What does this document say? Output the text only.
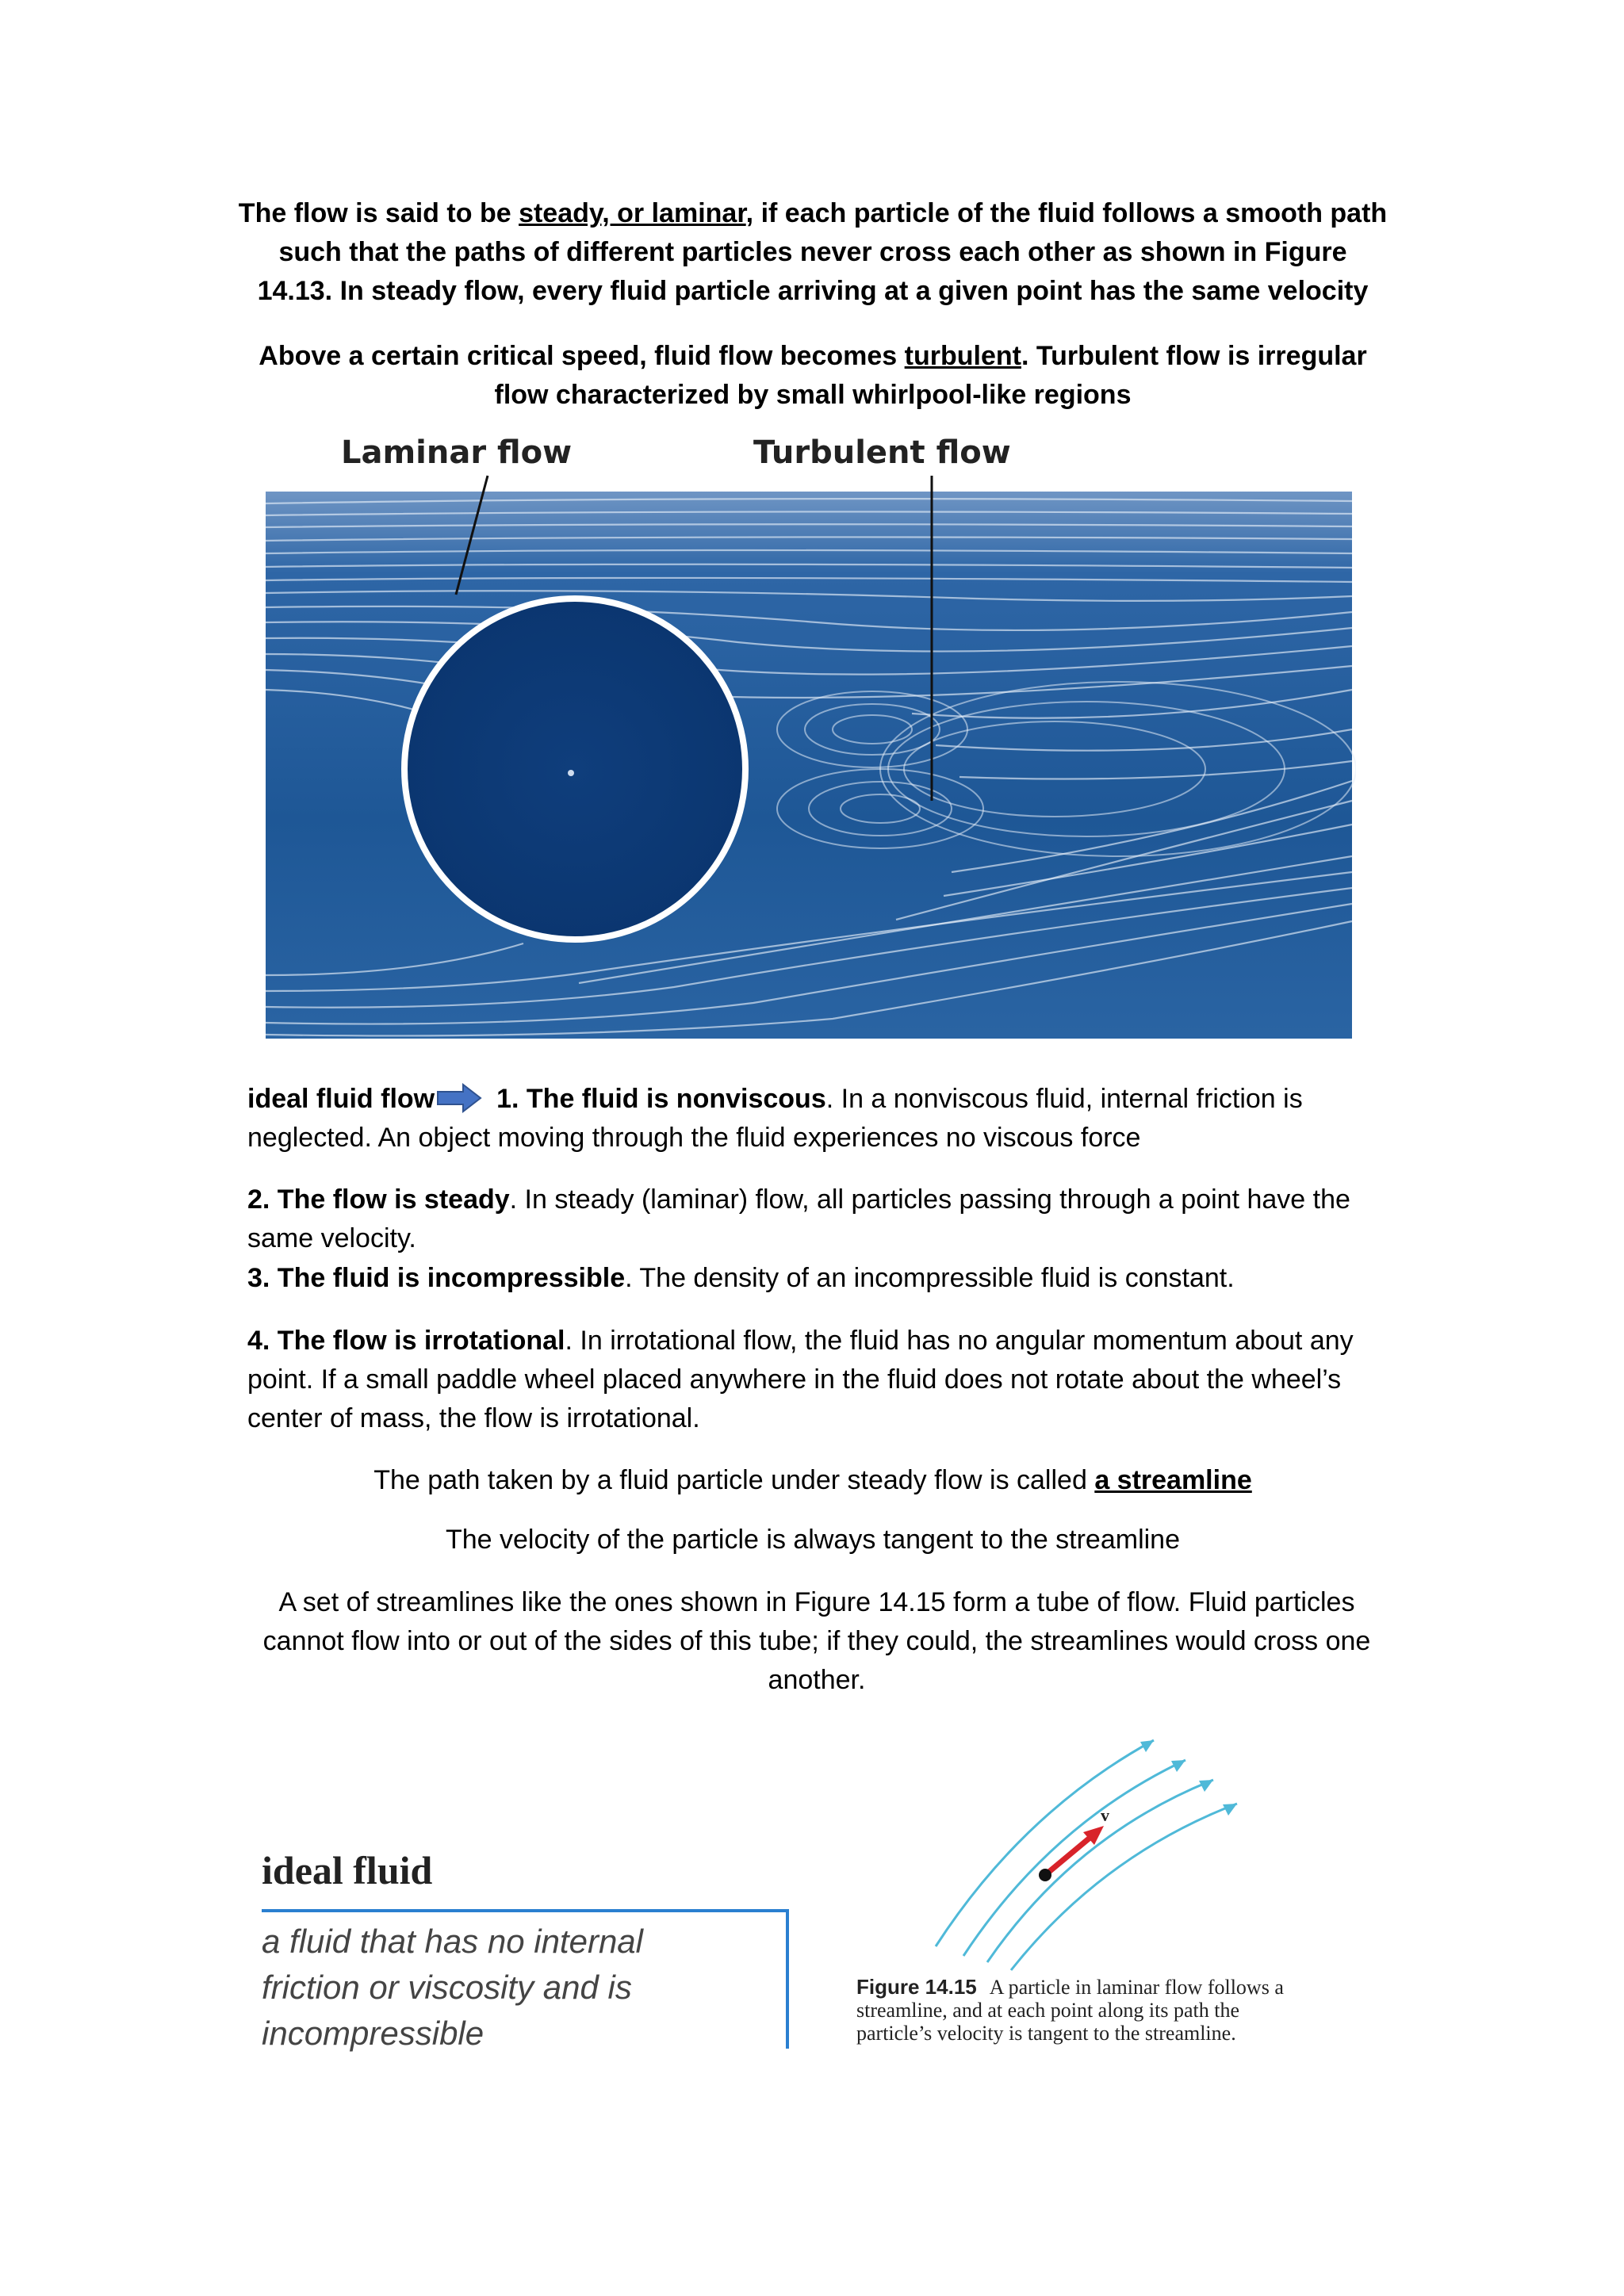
The flow is said to be steady, or laminar, if each particle of the fluid follows a smooth path such that the paths of different particles never cross each other as shown in Figure 14.13. In steady flow, every fluid particle arriving at a given point has the same velocity
Above a certain critical speed, fluid flow becomes turbulent. Turbulent flow is irregular flow characterized by small whirlpool-like regions
Laminar flow	Turbulent flow
ideal fluid flow 1. The fluid is nonviscous. In a nonviscous fluid, internal friction is neglected. An object moving through the fluid experiences no viscous force
2. The flow is steady. In steady (laminar) flow, all particles passing through a point have the same velocity.
3. The fluid is incompressible. The density of an incompressible fluid is constant.
4. The flow is irrotational. In irrotational flow, the fluid has no angular momentum about any point. If a small paddle wheel placed anywhere in the fluid does not rotate about the wheel’s center of mass, the flow is irrotational.
The path taken by a fluid particle under steady flow is called a streamline
The velocity of the particle is always tangent to the streamline
A set of streamlines like the ones shown in Figure 14.15 form a tube of flow. Fluid particles cannot flow into or out of the sides of this tube; if they could, the streamlines would cross one another.
ideal fluid
a fluid that has no internal friction or viscosity and is incompressible
v
Figure 14.15 A particle in laminar flow follows a streamline, and at each point along its path the particle’s velocity is tangent to the streamline.
